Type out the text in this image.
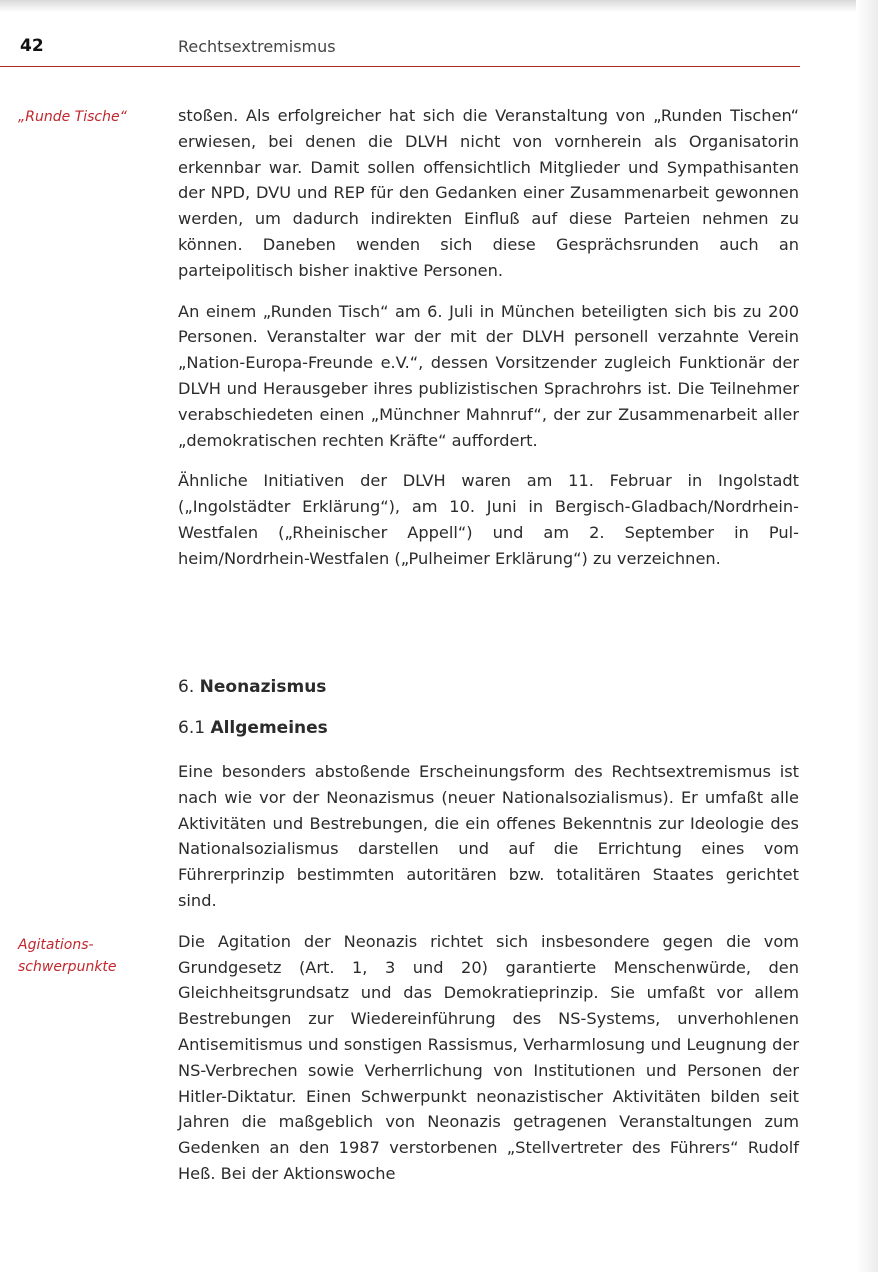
42	Rechtsextremismus
„Runde Tische“
Agitations-
schwerpunkte

stoßen. Als erfolgreicher hat sich die Veranstaltung von „Runden Tischen“ erwiesen, bei denen die DLVH nicht von vornherein als Organisatorin erkennbar war. Damit sollen offensichtlich Mitglieder und Sympathisanten der NPD, DVU und REP für den Gedanken einer Zusammenarbeit gewonnen werden, um dadurch indirekten Einfluß auf diese Parteien nehmen zu können. Daneben wenden sich diese Gesprächsrunden auch an parteipolitisch bisher inaktive Personen.

An einem „Runden Tisch“ am 6. Juli in München beteiligten sich bis zu 200 Personen. Veranstalter war der mit der DLVH personell verzahnte Verein „Nation-Europa-Freunde e.V.“, dessen Vorsitzender zugleich Funktionär der DLVH und Herausgeber ihres publizistischen Sprachrohrs ist. Die Teilnehmer verabschiedeten einen „Münchner Mahnruf“, der zur Zusammenarbeit aller „demokratischen rechten Kräfte“ auffordert.

Ähnliche Initiativen der DLVH waren am 11. Februar in Ingolstadt („Ingolstädter Erklärung“), am 10. Juni in Bergisch-Gladbach/Nordrhein-Westfalen („Rheinischer Appell“) und am 2. September in Pulheim/Nordrhein-Westfalen („Pulheimer Erklärung“) zu verzeichnen.

6. Neonazismus

6.1 Allgemeines

Eine besonders abstoßende Erscheinungsform des Rechtsextremismus ist nach wie vor der Neonazismus (neuer Nationalsozialismus). Er umfaßt alle Aktivitäten und Bestrebungen, die ein offenes Bekenntnis zur Ideologie des Nationalsozialismus darstellen und auf die Errichtung eines vom Führerprinzip bestimmten autoritären bzw. totalitären Staates gerichtet sind.

Die Agitation der Neonazis richtet sich insbesondere gegen die vom Grundgesetz (Art. 1, 3 und 20) garantierte Menschenwürde, den Gleichheitsgrundsatz und das Demokratieprinzip. Sie umfaßt vor allem Bestrebungen zur Wiedereinführung des NS-Systems, unverhohlenen Antisemitismus und sonstigen Rassismus, Verharmlosung und Leugnung der NS-Verbrechen sowie Verherrlichung von Institutionen und Personen der Hitler-Diktatur. Einen Schwerpunkt neonazistischer Aktivitäten bilden seit Jahren die maßgeblich von Neonazis getragenen Veranstaltungen zum Gedenken an den 1987 verstorbenen „Stellvertreter des Führers“ Rudolf Heß. Bei der Aktionswoche
